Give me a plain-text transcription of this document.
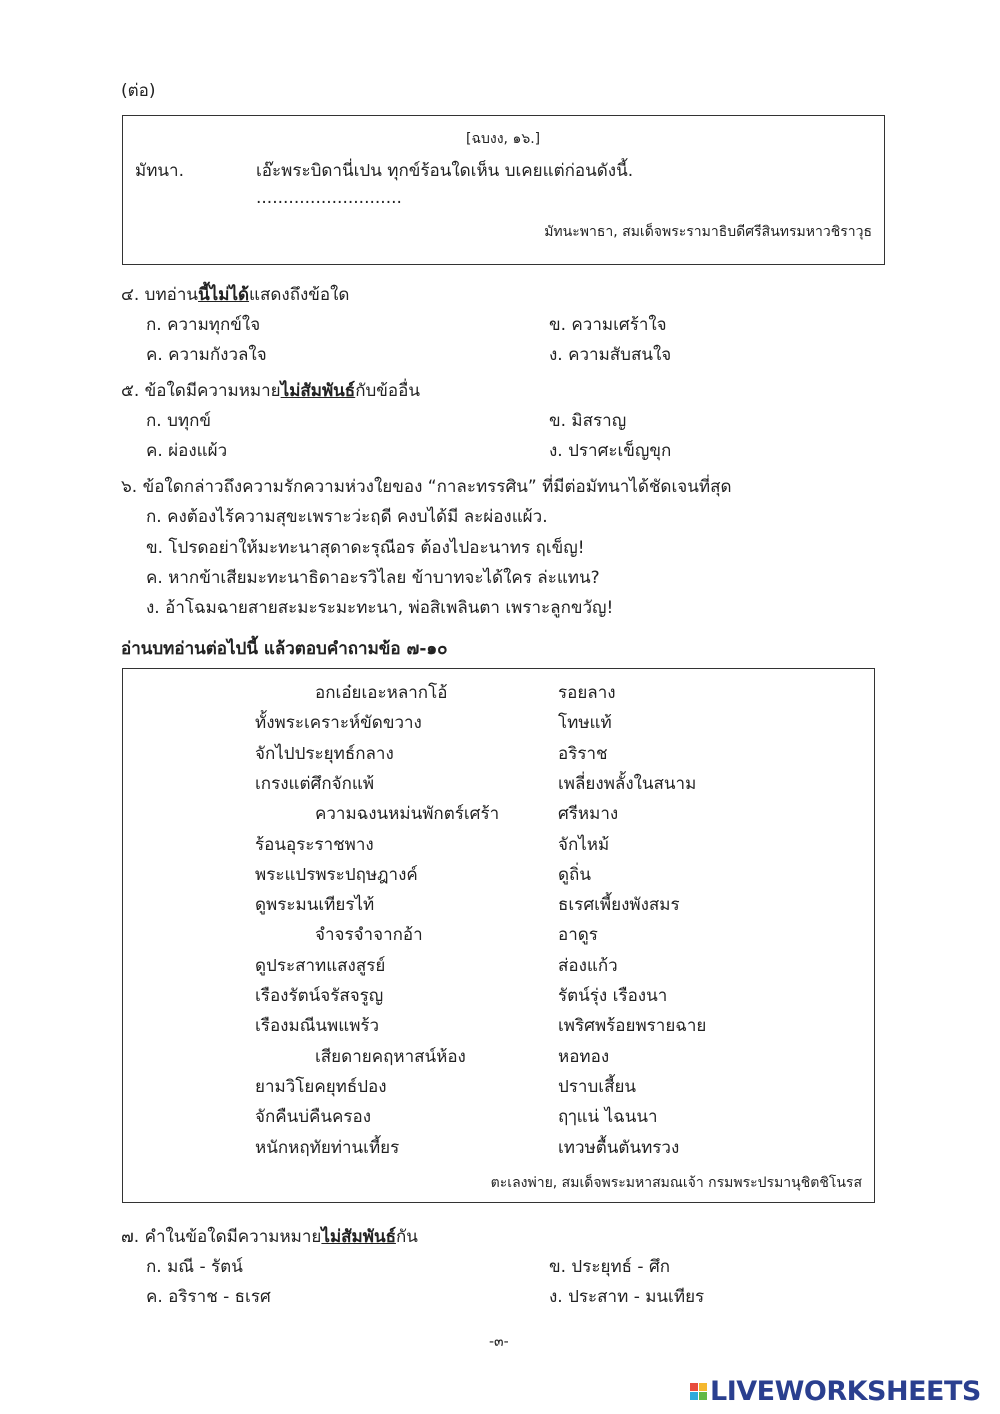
(ต่อ)
[ฉบงง, ๑๖.]
มัทนา.	เอ๊ะพระบิดานี่เปน ทุกข์ร้อนใดเห็น บเคยแต่ก่อนดังนี้.
...........................
มัทนะพาธา, สมเด็จพระรามาธิบดีศรีสินทรมหาวชิราวุธ
๔. บทอ่านนี้ไม่ได้แสดงถึงข้อใด
ก. ความทุกข์ใจ	ข. ความเศร้าใจ
ค. ความกังวลใจ	ง. ความสับสนใจ
๕. ข้อใดมีความหมายไม่สัมพันธ์กับข้ออื่น
ก. บทุกข์	ข. มิสราญ
ค. ผ่องแผ้ว	ง. ปราศะเข็ญขุก
๖. ข้อใดกล่าวถึงความรักความห่วงใยของ “กาละทรรศิน” ที่มีต่อมัทนาได้ชัดเจนที่สุด
ก. คงต้องไร้ความสุขะเพราะว่ะฤดี คงบได้มี ละผ่องแผ้ว.
ข. โปรดอย่าให้มะทะนาสุดาดะรุณีอร ต้องไปอะนาทร ฤเข็ญ!
ค. หากข้าเสียมะทะนาธิดาอะรวิไลย ข้าบาทจะได้ใคร ล่ะแทน?
ง. อ้าโฉมฉายสายสะมะระมะทะนา, พ่อสิเพลินตา เพราะลูกขวัญ!
อ่านบทอ่านต่อไปนี้ แล้วตอบคำถามข้อ ๗-๑๐
อกเอ๋ยเอะหลากโอ้	รอยลาง
ทั้งพระเคราะห์ขัดขวาง	โทษแท้
จักไปประยุทธ์กลาง	อริราช
เกรงแต่ศึกจักแพ้	เพลี่ยงพลั้งในสนาม
ความฉงนหม่นพักตร์เศร้า	ศรีหมาง
ร้อนอุระราชพาง	จักไหม้
พระแปรพระปฤษฎางค์	ดูถิ่น
ดูพระมนเทียรไท้	ธเรศเพี้ยงพังสมร
จำจรจำจากอ้า	อาดูร
ดูประสาทแสงสูรย์	ส่องแก้ว
เรืองรัตน์จรัสจรูญ	รัตน์รุ่ง เรืองนา
เรืองมณีนพแพร้ว	เพริศพร้อยพรายฉาย
เสียดายคฤหาสน์ห้อง	หอทอง
ยามวิโยคยุทธ์ปอง	ปราบเสี้ยน
จักคืนบ่คืนครอง	ฤๅแน่ ไฉนนา
หนักหฤทัยท่านเที้ยร	เทวษตื้นตันทรวง
ตะเลงพ่าย, สมเด็จพระมหาสมณเจ้า กรมพระปรมานุชิตชิโนรส
๗. คำในข้อใดมีความหมายไม่สัมพันธ์กัน
ก. มณี - รัตน์	ข. ประยุทธ์ - ศึก
ค. อริราช - ธเรศ	ง. ประสาท - มนเทียร
-๓-
LIVEWORKSHEETS
